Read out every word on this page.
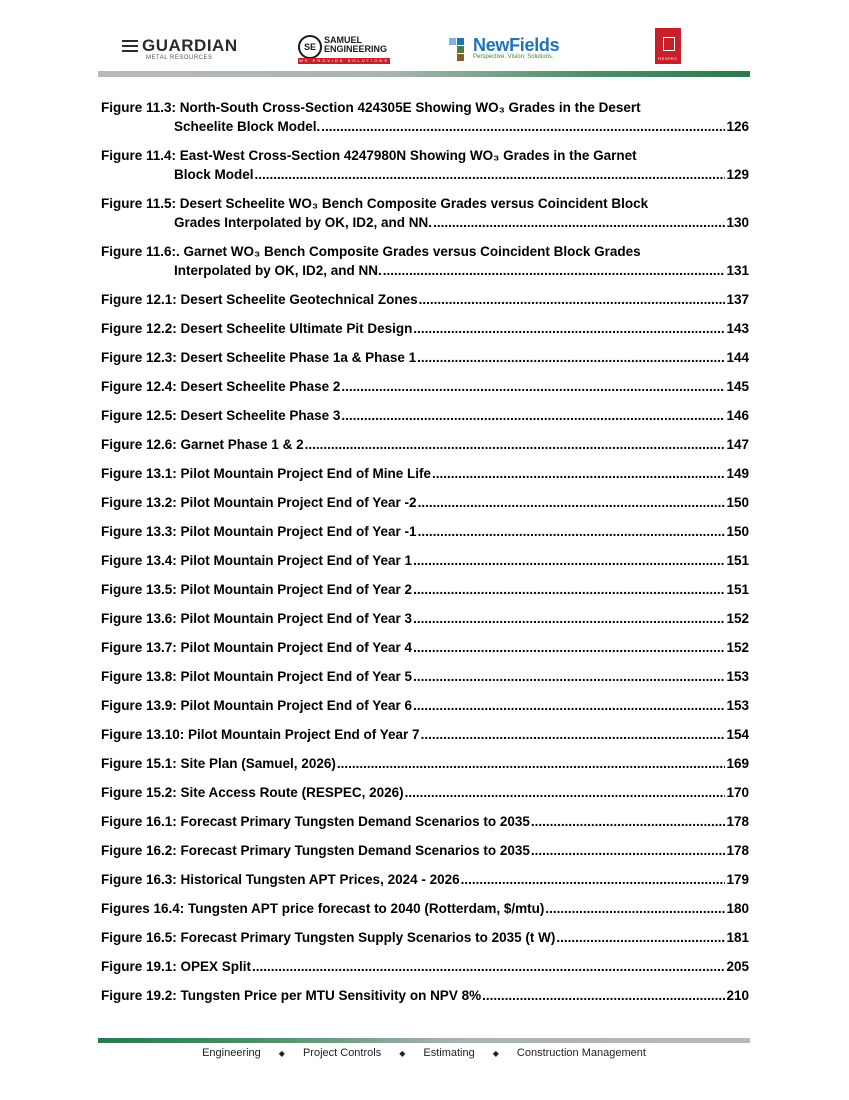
GUARDIAN
METAL RESOURCES
SE
SAMUEL
ENGINEERING
WE PROVIDE SOLUTIONS
NewFields
Perspective. Vision. Solutions.	RESPEC
Figure 11.3: North-South Cross-Section 424305E Showing WO₃ Grades in the Desert
Scheelite Block Model. .....	126
Figure 11.4: East-West Cross-Section 4247980N Showing WO₃ Grades in the Garnet
Block Model .....	129
Figure 11.5: Desert Scheelite WO₃ Bench Composite Grades versus Coincident Block
Grades Interpolated by OK, ID2, and NN. .....	130
Figure 11.6:. Garnet WO₃ Bench Composite Grades versus Coincident Block Grades
Interpolated by OK, ID2, and NN. .....	131
Figure 12.1: Desert Scheelite Geotechnical Zones .....	137
Figure 12.2: Desert Scheelite Ultimate Pit Design .....	143
Figure 12.3: Desert Scheelite Phase 1a & Phase 1 .....	144
Figure 12.4: Desert Scheelite Phase 2 .....	145
Figure 12.5: Desert Scheelite Phase 3 .....	146
Figure 12.6: Garnet Phase 1 & 2 .....	147
Figure 13.1: Pilot Mountain Project End of Mine Life .....	149
Figure 13.2: Pilot Mountain Project End of Year -2 .....	150
Figure 13.3: Pilot Mountain Project End of Year -1 .....	150
Figure 13.4: Pilot Mountain Project End of Year 1 .....	151
Figure 13.5: Pilot Mountain Project End of Year 2 .....	151
Figure 13.6: Pilot Mountain Project End of Year 3 .....	152
Figure 13.7: Pilot Mountain Project End of Year 4 .....	152
Figure 13.8: Pilot Mountain Project End of Year 5 .....	153
Figure 13.9: Pilot Mountain Project End of Year 6 .....	153
Figure 13.10: Pilot Mountain Project End of Year 7 .....	154
Figure 15.1: Site Plan (Samuel, 2026) .....	169
Figure 15.2: Site Access Route (RESPEC, 2026) .....	170
Figure 16.1: Forecast Primary Tungsten Demand Scenarios to 2035 .....	178
Figure 16.2: Forecast Primary Tungsten Demand Scenarios to 2035 .....	178
Figure 16.3: Historical Tungsten APT Prices, 2024 - 2026 .....	179
Figures 16.4: Tungsten APT price forecast to 2040 (Rotterdam, $/mtu) .....	180
Figure 16.5: Forecast Primary Tungsten Supply Scenarios to 2035 (t W) .....	181
Figure 19.1: OPEX Split .....	205
Figure 19.2: Tungsten Price per MTU Sensitivity on NPV 8% .....	210
Engineering ◆ Project Controls ◆ Estimating ◆ Construction Management
